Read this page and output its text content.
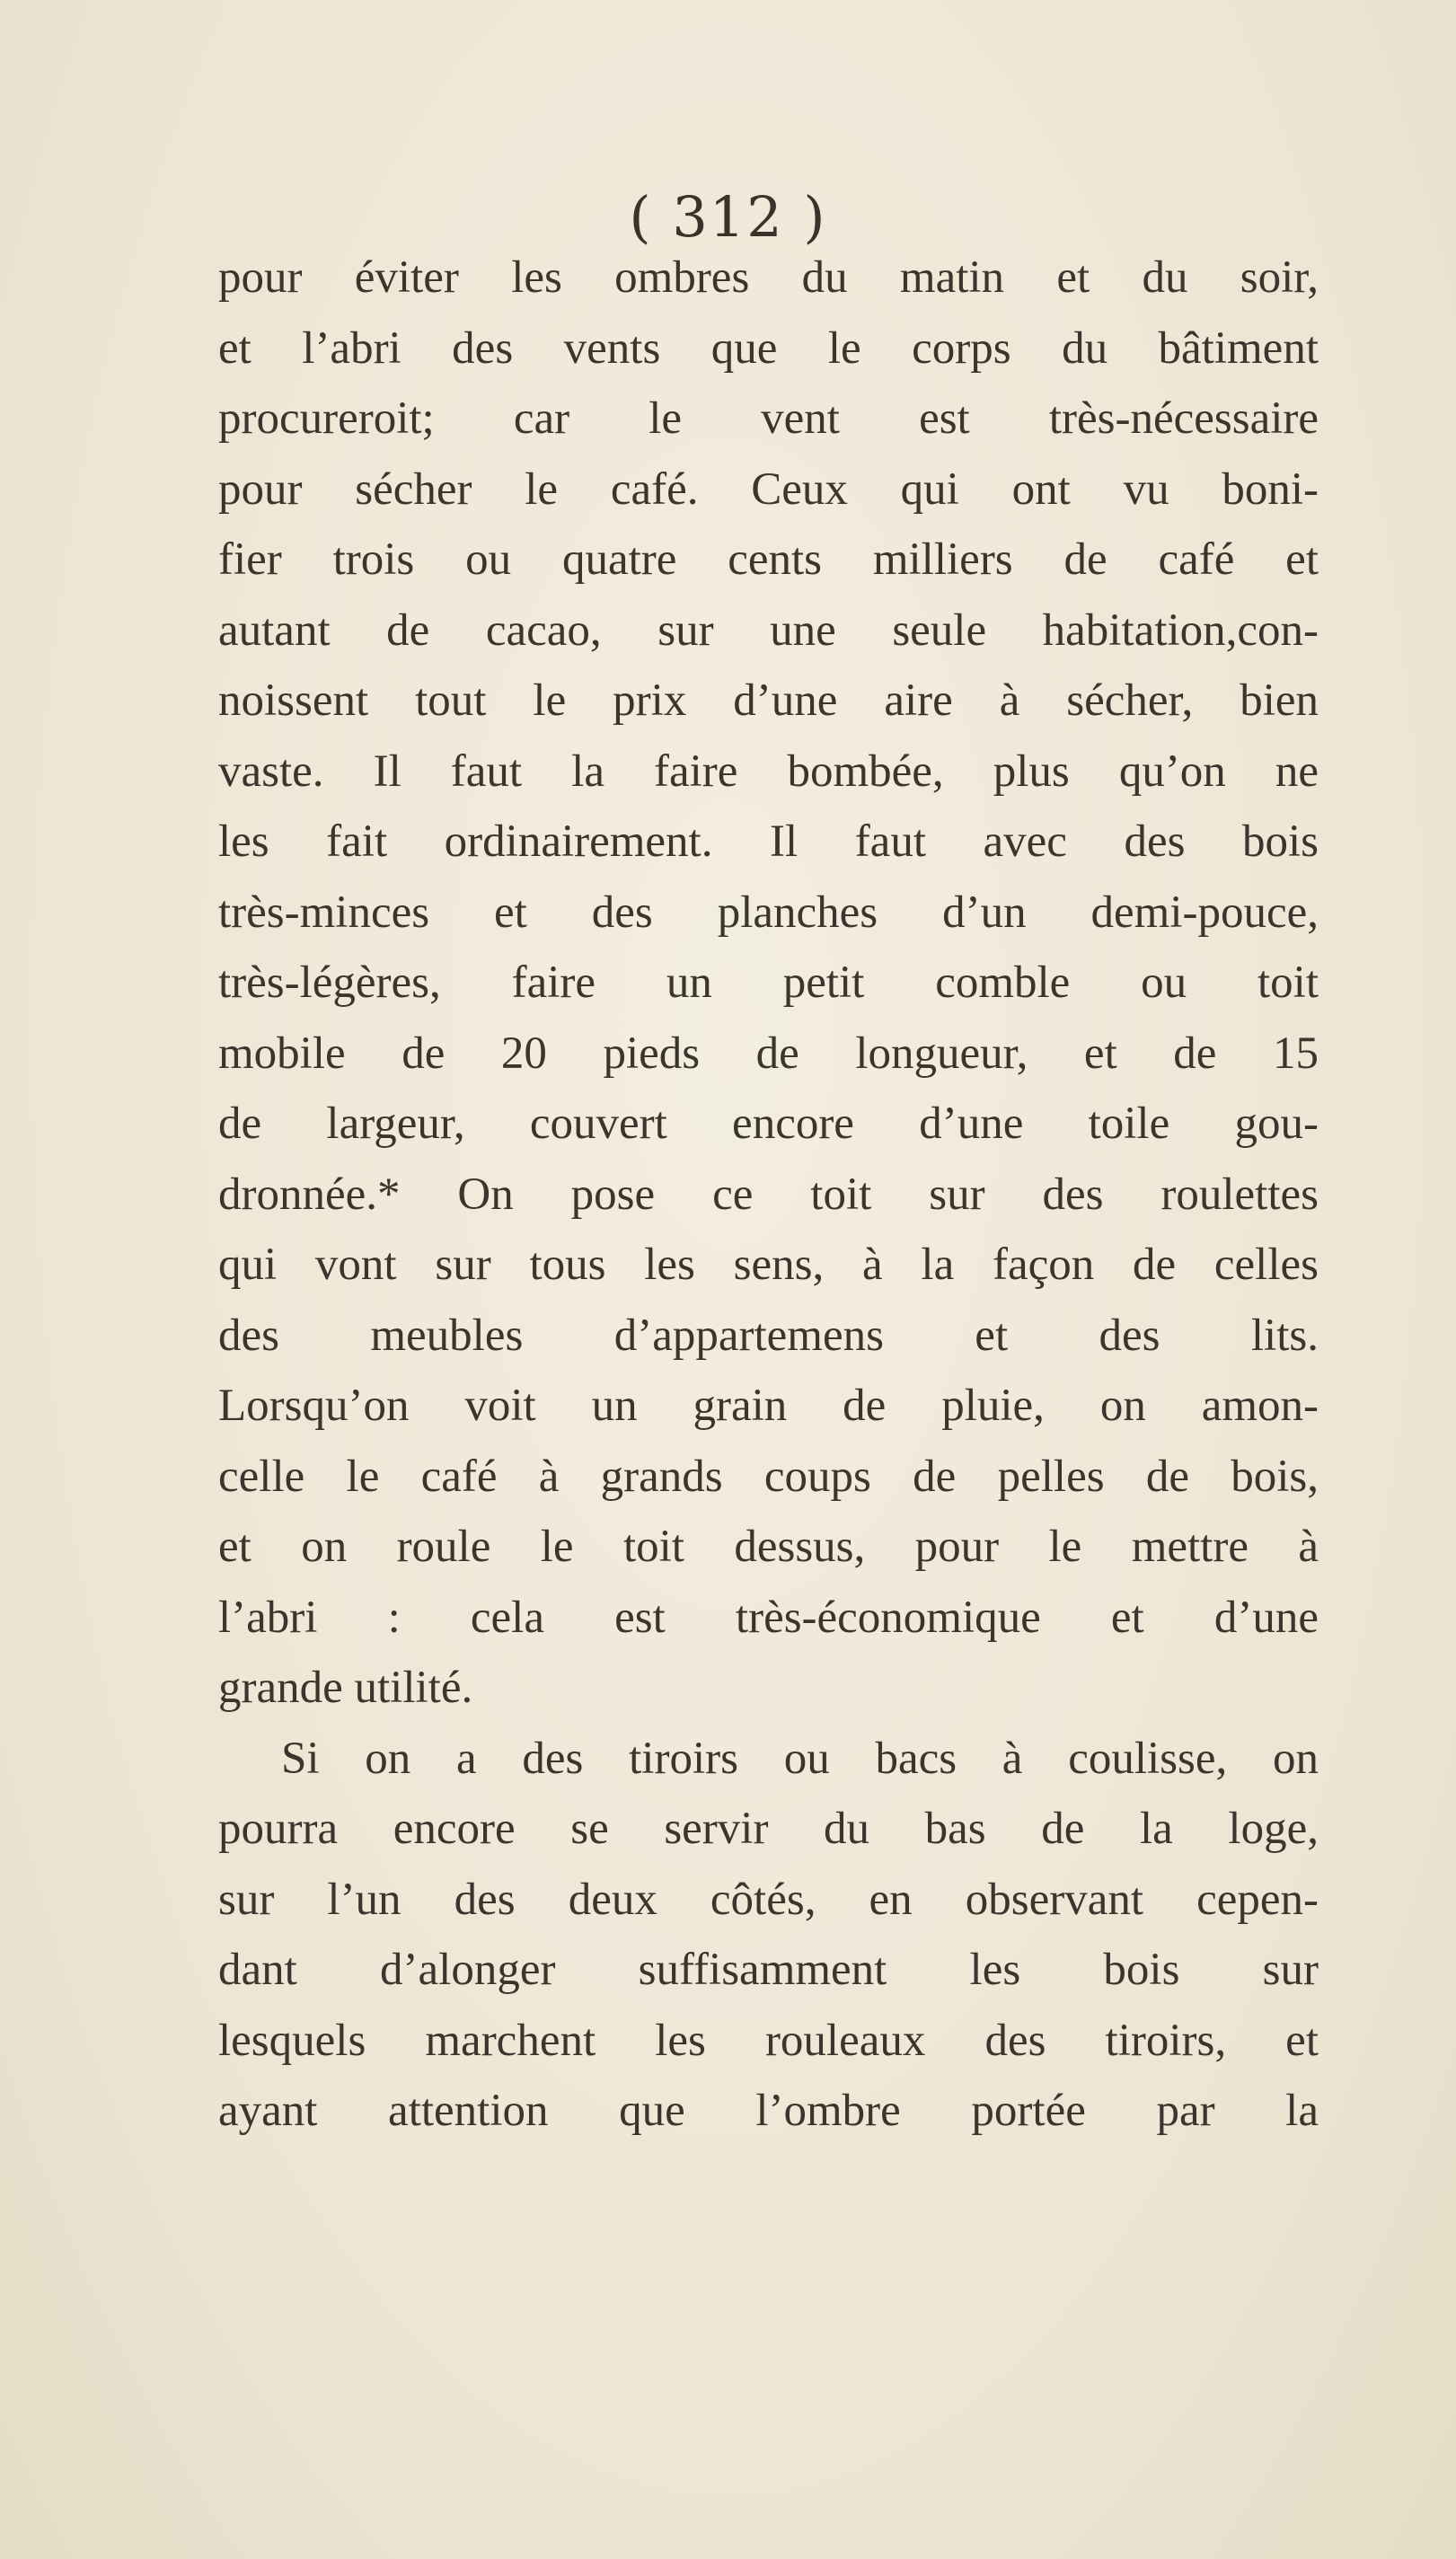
( 312 )
pour éviter les ombres du matin et du soir,
et l’abri des vents que le corps du bâtiment
procureroit; car le vent est très-nécessaire
pour sécher le café. Ceux qui ont vu boni-
fier trois ou quatre cents milliers de café et
autant de cacao, sur une seule habitation,con-
noissent tout le prix d’une aire à sécher, bien
vaste. Il faut la faire bombée, plus qu’on ne
les fait ordinairement. Il faut avec des bois
très-minces et des planches d’un demi-pouce,
très-légères, faire un petit comble ou toit
mobile de 20 pieds de longueur, et de 15
de largeur, couvert encore d’une toile gou-
dronnée.* On pose ce toit sur des roulettes
qui vont sur tous les sens, à la façon de celles
des meubles d’appartemens et des lits.
Lorsqu’on voit un grain de pluie, on amon-
celle le café à grands coups de pelles de bois,
et on roule le toit dessus, pour le mettre à
l’abri : cela est très-économique et d’une
grande utilité.
Si on a des tiroirs ou bacs à coulisse, on
pourra encore se servir du bas de la loge,
sur l’un des deux côtés, en observant cepen-
dant d’alonger suffisamment les bois sur
lesquels marchent les rouleaux des tiroirs, et
ayant attention que l’ombre portée par la
